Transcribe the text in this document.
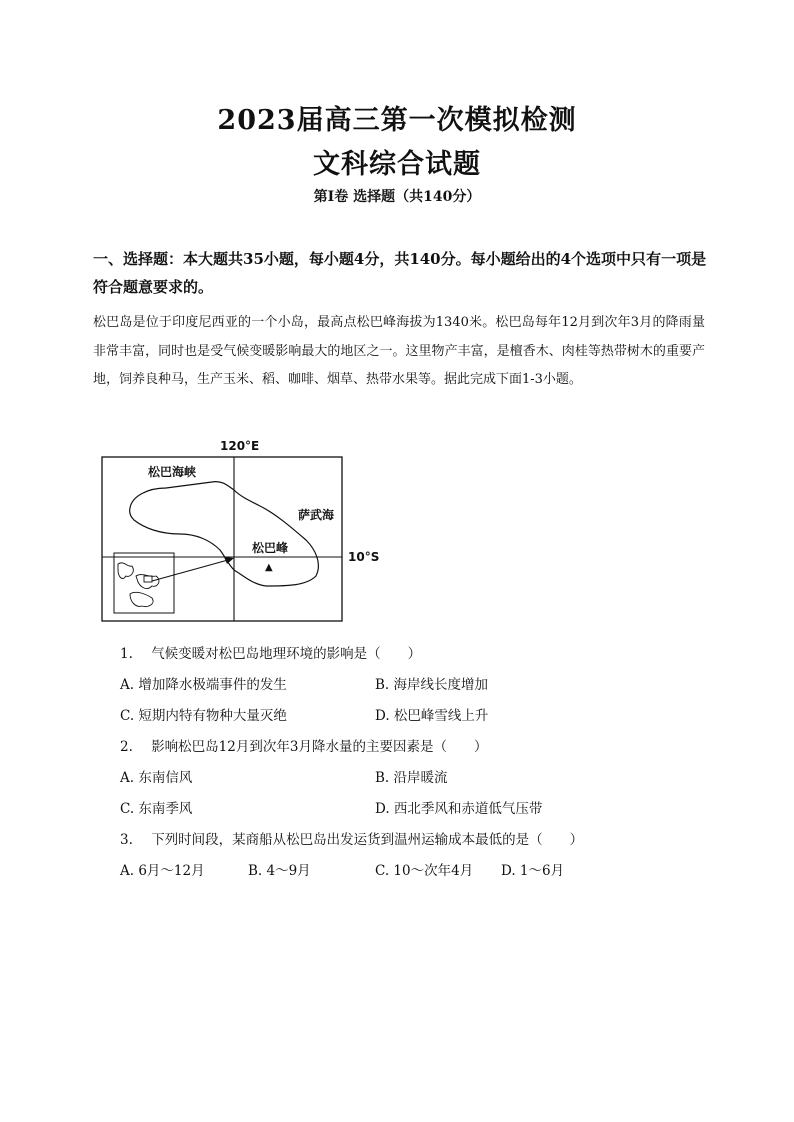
2023届高三第一次模拟检测
文科综合试题
第Ⅰ卷 选择题（共140分）
一、选择题：本大题共35小题，每小题4分，共140分。每小题给出的4个选项中只有一项是符合题意要求的。
松巴岛是位于印度尼西亚的一个小岛，最高点松巴峰海拔为1340米。松巴岛每年12月到次年3月的降雨量非常丰富，同时也是受气候变暖影响最大的地区之一。这里物产丰富，是檀香木、肉桂等热带树木的重要产地，饲养良种马，生产玉米、稻、咖啡、烟草、热带水果等。据此完成下面1-3小题。
120°E
10°S
松巴海峡
萨武海
松巴峰
▲
1. 气候变暖对松巴岛地理环境的影响是（　　）
A. 增加降水极端事件的发生	B. 海岸线长度增加
C. 短期内特有物种大量灭绝	D. 松巴峰雪线上升
2. 影响松巴岛12月到次年3月降水量的主要因素是（　　）
A. 东南信风	B. 沿岸暖流
C. 东南季风	D. 西北季风和赤道低气压带
3. 下列时间段，某商船从松巴岛出发运货到温州运输成本最低的是（　　）
A. 6月～12月	B. 4～9月	C. 10～次年4月 D. 1～6月
